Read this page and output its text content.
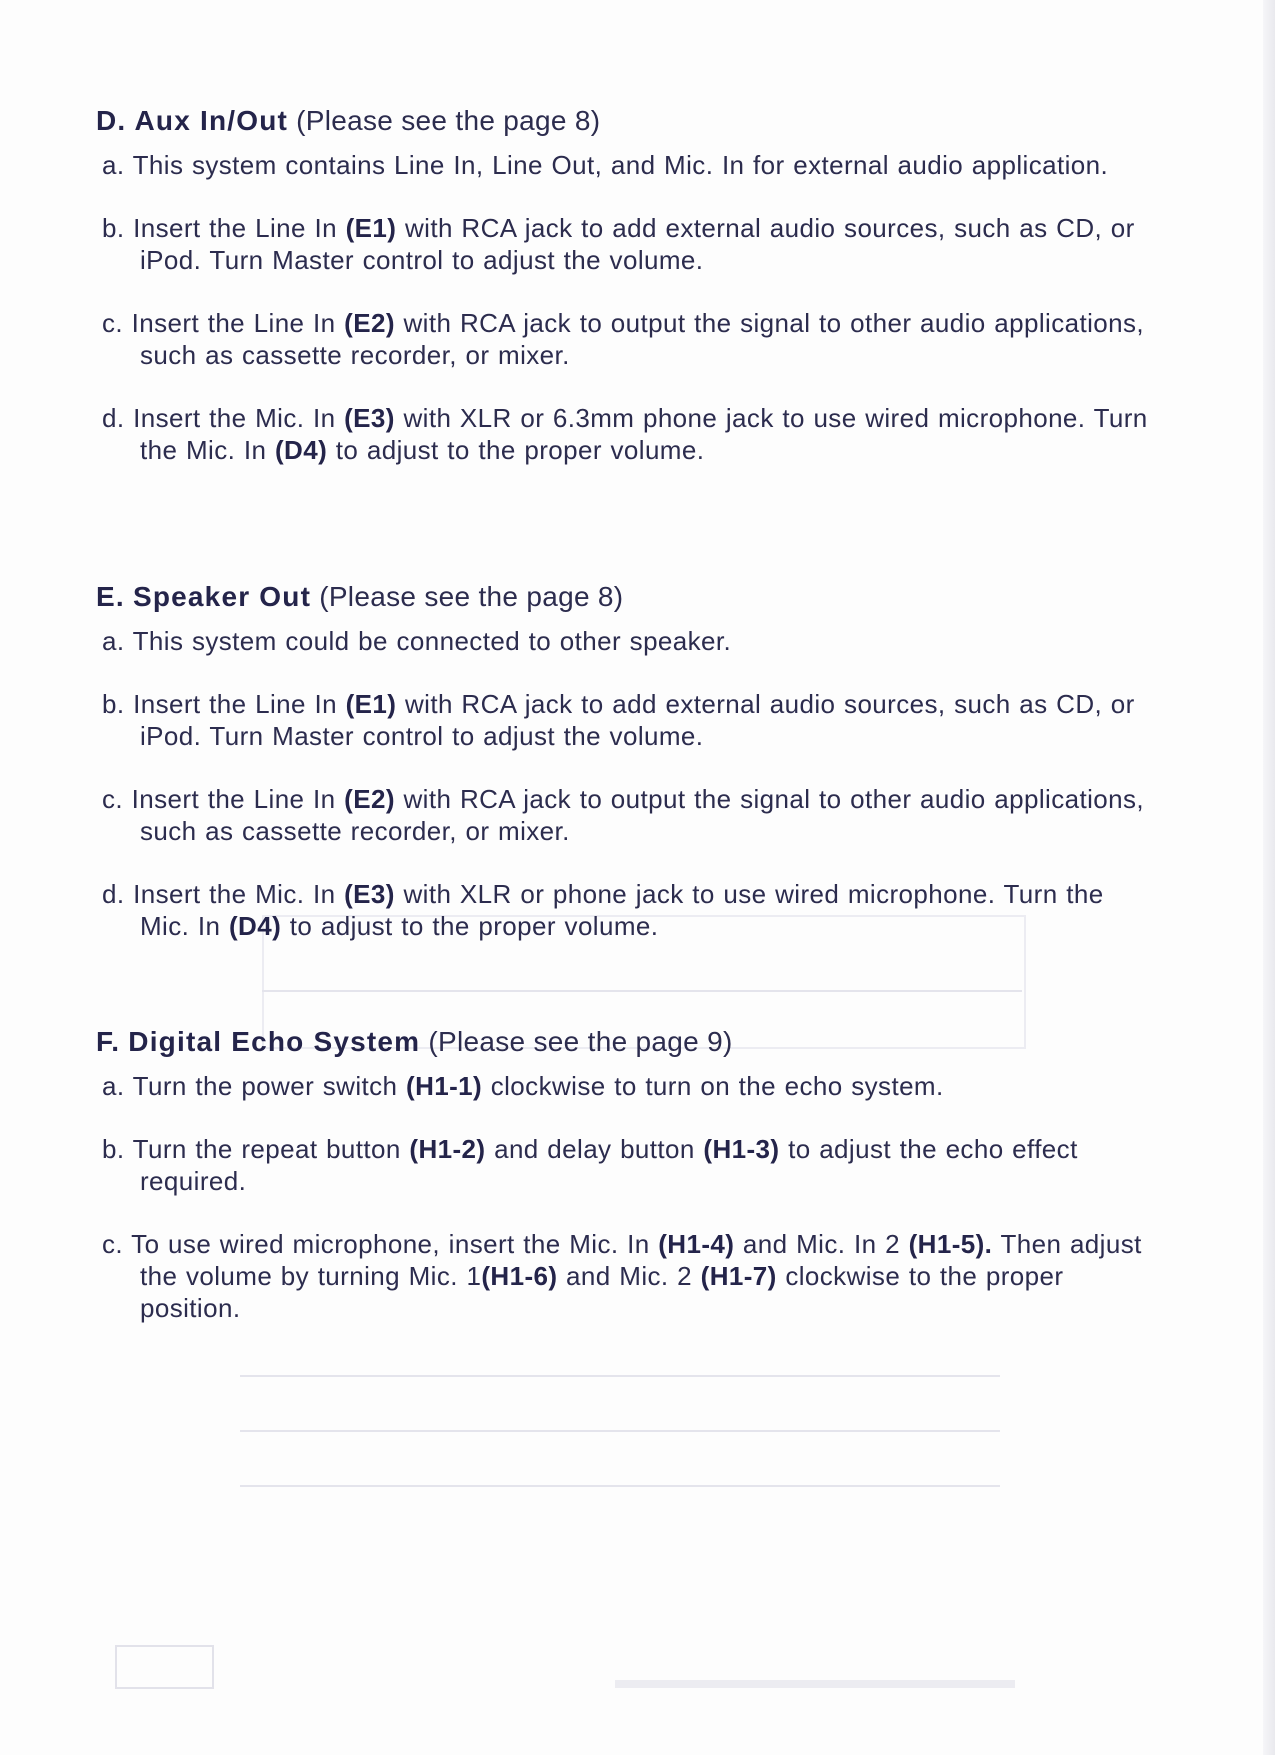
D. Aux In/Out (Please see the page 8)
a. This system contains Line In, Line Out, and Mic. In for external audio application.
b. Insert the Line In (E1) with RCA jack to add external audio sources, such as CD, or iPod. Turn Master control to adjust the volume.
c. Insert the Line In (E2) with RCA jack to output the signal to other audio applications, such as cassette recorder, or mixer.
d. Insert the Mic. In (E3) with XLR or 6.3mm phone jack to use wired microphone. Turn the Mic. In (D4) to adjust to the proper volume.
E. Speaker Out (Please see the page 8)
a. This system could be connected to other speaker.
b. Insert the Line In (E1) with RCA jack to add external audio sources, such as CD, or iPod. Turn Master control to adjust the volume.
c. Insert the Line In (E2) with RCA jack to output the signal to other audio applications, such as cassette recorder, or mixer.
d. Insert the Mic. In (E3) with XLR or phone jack to use wired microphone. Turn the Mic. In (D4) to adjust to the proper volume.
F. Digital Echo System (Please see the page 9)
a. Turn the power switch (H1-1) clockwise to turn on the echo system.
b. Turn the repeat button (H1-2) and delay button (H1-3) to adjust the echo effect required.
c. To use wired microphone, insert the Mic. In (H1-4) and Mic. In 2 (H1-5). Then adjust the volume by turning Mic. 1(H1-6) and Mic. 2 (H1-7) clockwise to the proper position.
